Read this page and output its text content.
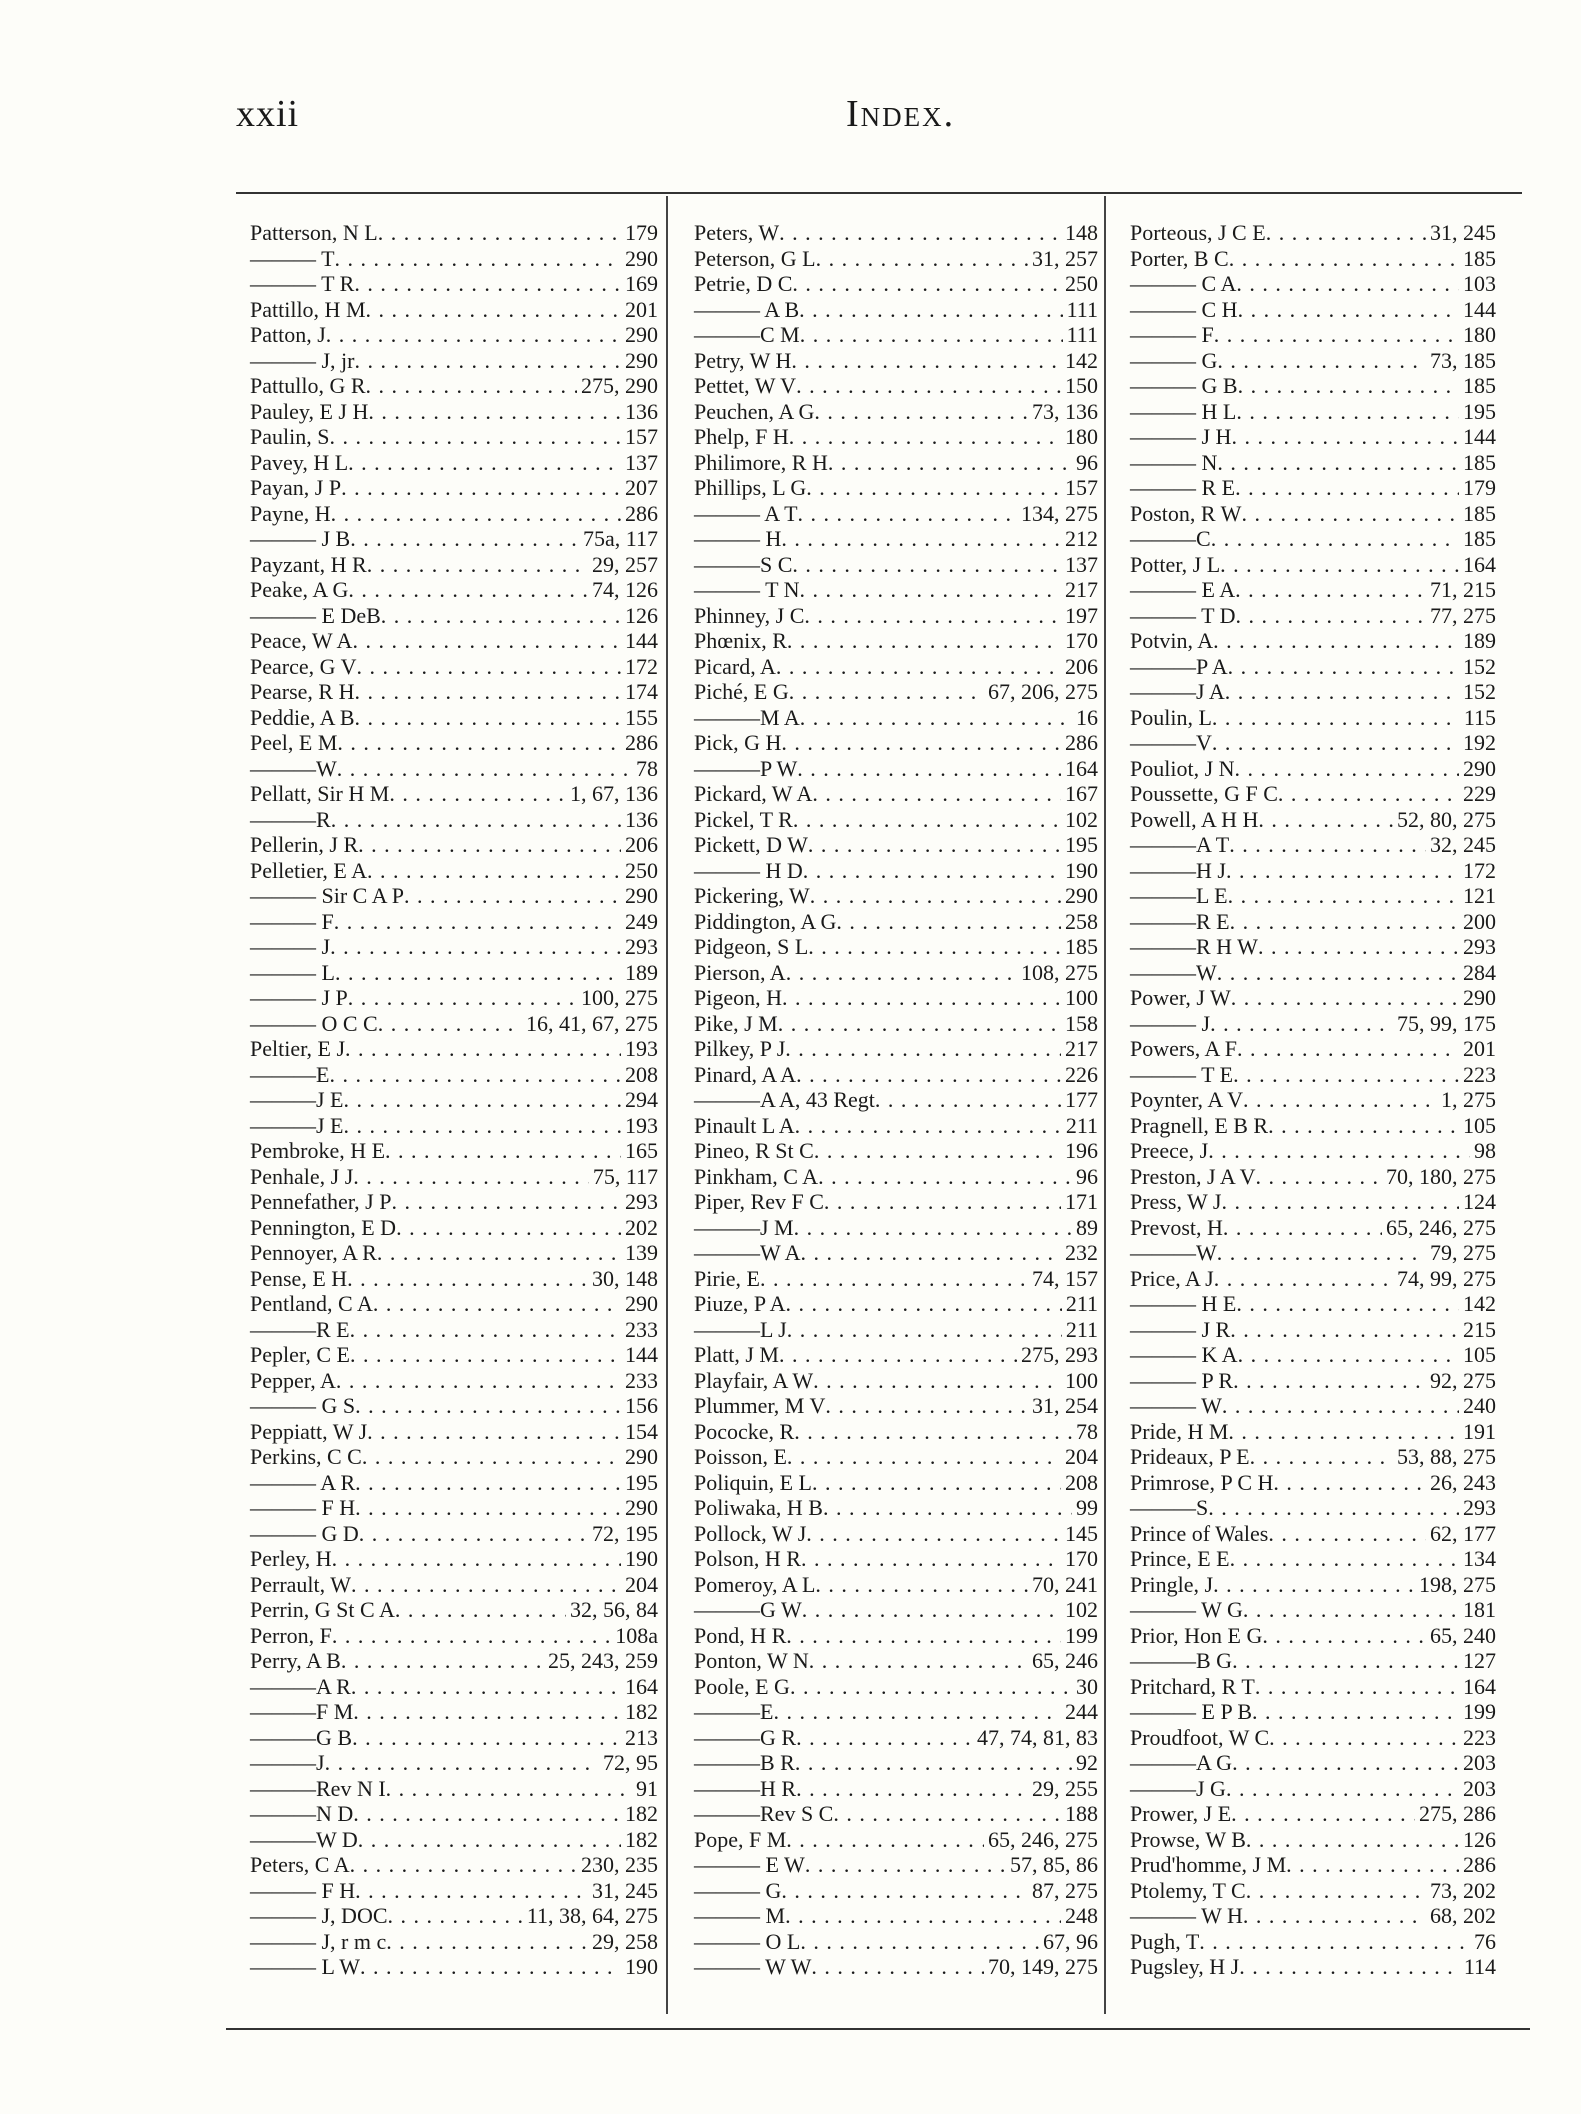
xxii	Index.
Patterson, N L . . .	179
——— T . . .	290
——— T R . . .	169
Pattillo, H M . . .	201
Patton, J . . .	290
——— J, jr . . .	290
Pattullo, G R . . .	275, 290
Pauley, E J H . . .	136
Paulin, S . . .	157
Pavey, H L . . .	137
Payan, J P . . .	207
Payne, H . . .	286
——— J B . . .	75a, 117
Payzant, H R . . .	29, 257
Peake, A G . . .	74, 126
——— E DeB . . .	126
Peace, W A . . .	144
Pearce, G V . . .	172
Pearse, R H . . .	174
Peddie, A B . . .	155
Peel, E M . . .	286
———W . . .	78
Pellatt, Sir H M . . .	1, 67, 136
———R . . .	136
Pellerin, J R . . .	206
Pelletier, E A . . .	250
——— Sir C A P . . .	290
——— F . . .	249
——— J . . .	293
——— L . . .	189
——— J P . . .	100, 275
——— O C C . . .	16, 41, 67, 275
Peltier, E J . . .	193
———E . . .	208
———J E . . .	294
———J E . . .	193
Pembroke, H E . . .	165
Penhale, J J . . .	75, 117
Pennefather, J P . . .	293
Pennington, E D . . .	202
Pennoyer, A R . . .	139
Pense, E H . . .	30, 148
Pentland, C A . . .	290
———R E . . .	233
Pepler, C E . . .	144
Pepper, A . . .	233
——— G S . . .	156
Peppiatt, W J . . .	154
Perkins, C C . . .	290
——— A R . . .	195
——— F H . . .	290
——— G D . . .	72, 195
Perley, H . . .	190
Perrault, W . . .	204
Perrin, G St C A . . .	32, 56, 84
Perron, F . . .	108a
Perry, A B . . .	25, 243, 259
———A R . . .	164
———F M . . .	182
———G B . . .	213
———J . . .	72, 95
———Rev N I . . .	91
———N D . . .	182
———W D . . .	182
Peters, C A . . .	230, 235
——— F H . . .	31, 245
——— J, DOC . . .	11, 38, 64, 275
——— J, r m c . . .	29, 258
——— L W . . .	190
Peters, W . . .	148
Peterson, G L . . .	31, 257
Petrie, D C . . .	250
——— A B . . .	111
———C M . . .	111
Petry, W H . . .	142
Pettet, W V . . .	150
Peuchen, A G . . .	73, 136
Phelp, F H . . .	180
Philimore, R H . . .	96
Phillips, L G . . .	157
——— A T . . .	134, 275
——— H . . .	212
———S C . . .	137
——— T N . . .	217
Phinney, J C . . .	197
Phœnix, R . . .	170
Picard, A . . .	206
Piché, E G . . .	67, 206, 275
———M A . . .	16
Pick, G H . . .	286
———P W . . .	164
Pickard, W A . . .	167
Pickel, T R . . .	102
Pickett, D W . . .	195
——— H D . . .	190
Pickering, W . . .	290
Piddington, A G . . .	258
Pidgeon, S L . . .	185
Pierson, A . . .	108, 275
Pigeon, H . . .	100
Pike, J M . . .	158
Pilkey, P J . . .	217
Pinard, A A . . .	226
———A A, 43 Regt . . .	177
Pinault L A . . .	211
Pineo, R St C . . .	196
Pinkham, C A . . .	96
Piper, Rev F C . . .	171
———J M . . .	89
———W A . . .	232
Pirie, E . . .	74, 157
Piuze, P A . . .	211
———L J . . .	211
Platt, J M . . .	275, 293
Playfair, A W . . .	100
Plummer, M V . . .	31, 254
Pococke, R . . .	78
Poisson, E . . .	204
Poliquin, E L . . .	208
Poliwaka, H B . . .	99
Pollock, W J . . .	145
Polson, H R . . .	170
Pomeroy, A L . . .	70, 241
———G W . . .	102
Pond, H R . . .	199
Ponton, W N . . .	65, 246
Poole, E G . . .	30
———E . . .	244
———G R . . .	47, 74, 81, 83
———B R . . .	92
———H R . . .	29, 255
———Rev S C . . .	188
Pope, F M . . .	65, 246, 275
——— E W . . .	57, 85, 86
——— G . . .	87, 275
——— M . . .	248
——— O L . . .	67, 96
——— W W . . .	70, 149, 275
Porteous, J C E . . .	31, 245
Porter, B C . . .	185
——— C A . . .	103
——— C H . . .	144
——— F . . .	180
——— G . . .	73, 185
——— G B . . .	185
——— H L . . .	195
——— J H . . .	144
——— N . . .	185
——— R E . . .	179
Poston, R W . . .	185
———C . . .	185
Potter, J L . . .	164
——— E A . . .	71, 215
——— T D . . .	77, 275
Potvin, A . . .	189
———P A . . .	152
———J A . . .	152
Poulin, L . . .	115
———V . . .	192
Pouliot, J N . . .	290
Poussette, G F C . . .	229
Powell, A H H . . .	52, 80, 275
———A T . . .	32, 245
———H J . . .	172
———L E . . .	121
———R E . . .	200
———R H W . . .	293
———W . . .	284
Power, J W . . .	290
——— J . . .	75, 99, 175
Powers, A F . . .	201
——— T E . . .	223
Poynter, A V . . .	1, 275
Pragnell, E B R . . .	105
Preece, J . . .	98
Preston, J A V . . .	70, 180, 275
Press, W J . . .	124
Prevost, H . . .	65, 246, 275
———W . . .	79, 275
Price, A J . . .	74, 99, 275
——— H E . . .	142
——— J R . . .	215
——— K A . . .	105
——— P R . . .	92, 275
——— W . . .	240
Pride, H M . . .	191
Prideaux, P E . . .	53, 88, 275
Primrose, P C H . . .	26, 243
———S . . .	293
Prince of Wales . . .	62, 177
Prince, E E . . .	134
Pringle, J . . .	198, 275
——— W G . . .	181
Prior, Hon E G . . .	65, 240
———B G . . .	127
Pritchard, R T . . .	164
——— E P B . . .	199
Proudfoot, W C . . .	223
———A G . . .	203
———J G . . .	203
Prower, J E . . .	275, 286
Prowse, W B . . .	126
Prud'homme, J M . . .	286
Ptolemy, T C . . .	73, 202
——— W H . . .	68, 202
Pugh, T . . .	76
Pugsley, H J . . .	114
